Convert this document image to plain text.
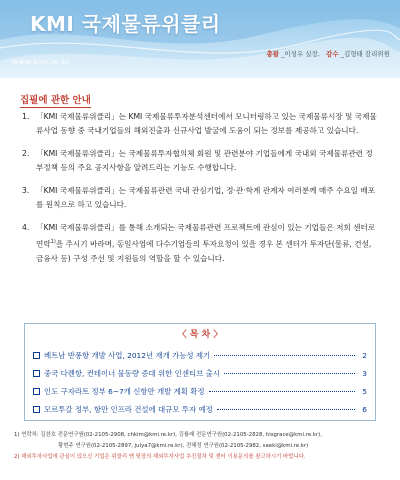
KMI 국제물류위클리
www.kmi.re.kr
총괄 _이성우 실장, 감수 _김형태 감리위원
집필에 관한 안내
1. 「KMI 국제물류위클리」는 KMI 국제물류투자분석센터에서 모니터링하고 있는 국제물류시장 및 국제물류사업 동향 중 국내기업들의 해외진출과 신규사업 발굴에 도움이 되는 정보를 제공하고 있습니다.
2. 「KMI 국제물류위클리」는 국제물류투자협의체 회원 및 관련분야 기업들에게 국내외 국제물류관련 정부정책 등의 주요 공지사항을 알려드리는 기능도 수행합니다.
3. 「KMI 국제물류위클리」는 국제물류관련 국내 관심기업, 정·관·학계 관계자 여러분께 매주 수요일 배포를 원칙으로 하고 있습니다.
4. 「KMI 국제물류위클리」를 통해 소개되는 국제물류관련 프로젝트에 관심이 있는 기업들은 저희 센터로 연락$^{1)}$을 주시기 바라며, 동일사업에 다수기업들의 투자요청이 있을 경우 본 센터가 투자단(물류, 건설, 금융사 등) 구성 주선 및 지원들의 역할을 할 수 있습니다.
〈 목 차 〉
베트남 반퐁항 개발 사업, 2012년 재개 가능성 제기	2
중국 다롄항, 컨테이너 물동량 증대 위한 인센티브 출시	3
인도 구자라트 정부 6~7개 신항만 개발 계획 확정	5
모르투갈 정부, 항만 인프라 건설에 대규모 투자 예정	6
1) 연락처: 김찬호 전문연구원(02-2105-2908, chkim@kmi.re.kr), 김률래 전문연구원(02-2105-2828, hisgrace@kmi.re.kr),
황현주 연구원(02-2105-2897, julya7@kmi.re.kr), 전혜정 연구원(02-2105-2982, saeki@kmi.re.kr)
2) 해외투자사업에 관심이 있으신 기업은 위클리 맨 뒷장의 해외투자사업 추진절차 및 센터 이용문의를 참고하시기 바랍니다.
